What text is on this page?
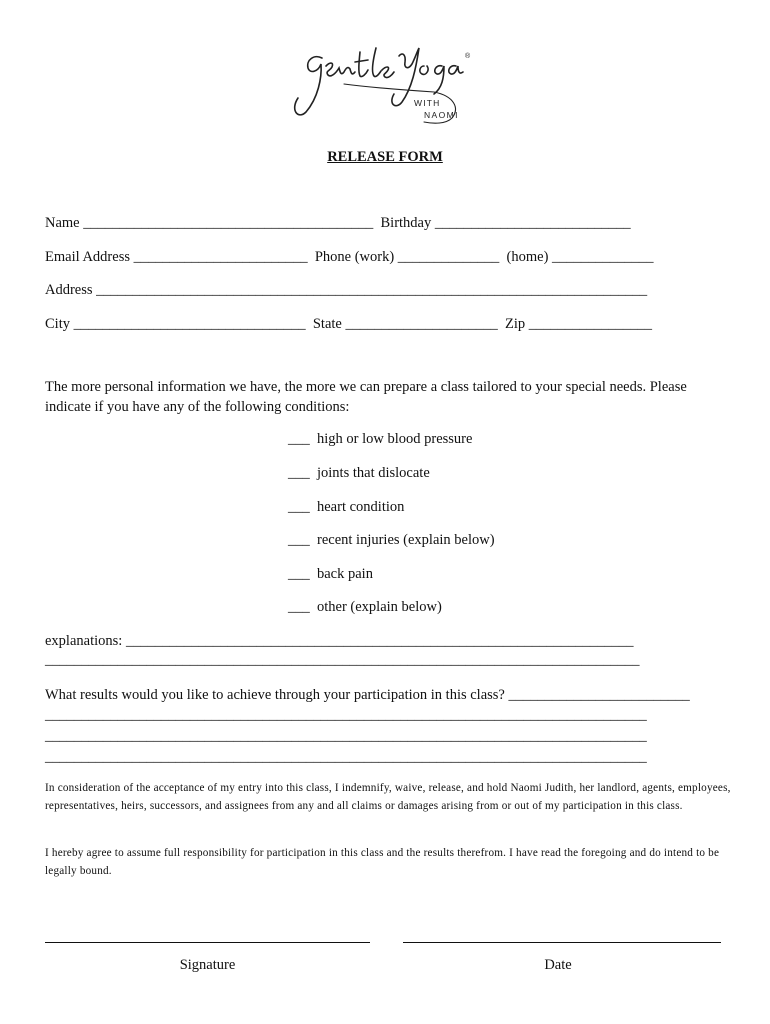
®
WITH
NAOMI
RELEASE FORM
Name ________________________________________  Birthday ___________________________
Email Address ________________________  Phone (work) ______________  (home) ______________
Address ____________________________________________________________________________
City ________________________________  State _____________________  Zip _________________
The more personal information we have, the more we can prepare a class tailored to your special needs. Please indicate if you have any of the following conditions:
___  high or low blood pressure
___  joints that dislocate
___  heart condition
___  recent injuries (explain below)
___  back pain
___  other (explain below)
explanations: ______________________________________________________________________
__________________________________________________________________________________
What results would you like to achieve through your participation in this class? _________________________
___________________________________________________________________________________
___________________________________________________________________________________
___________________________________________________________________________________
In consideration of the acceptance of my entry into this class, I indemnify, waive, release, and hold Naomi Judith, her landlord, agents, employees, representatives, heirs, successors, and assignees from any and all claims or damages arising from or out of my participation in this class.
I hereby agree to assume full responsibility for participation in this class and the results therefrom. I have read the foregoing and do intend to be legally bound.
Signature	Date
